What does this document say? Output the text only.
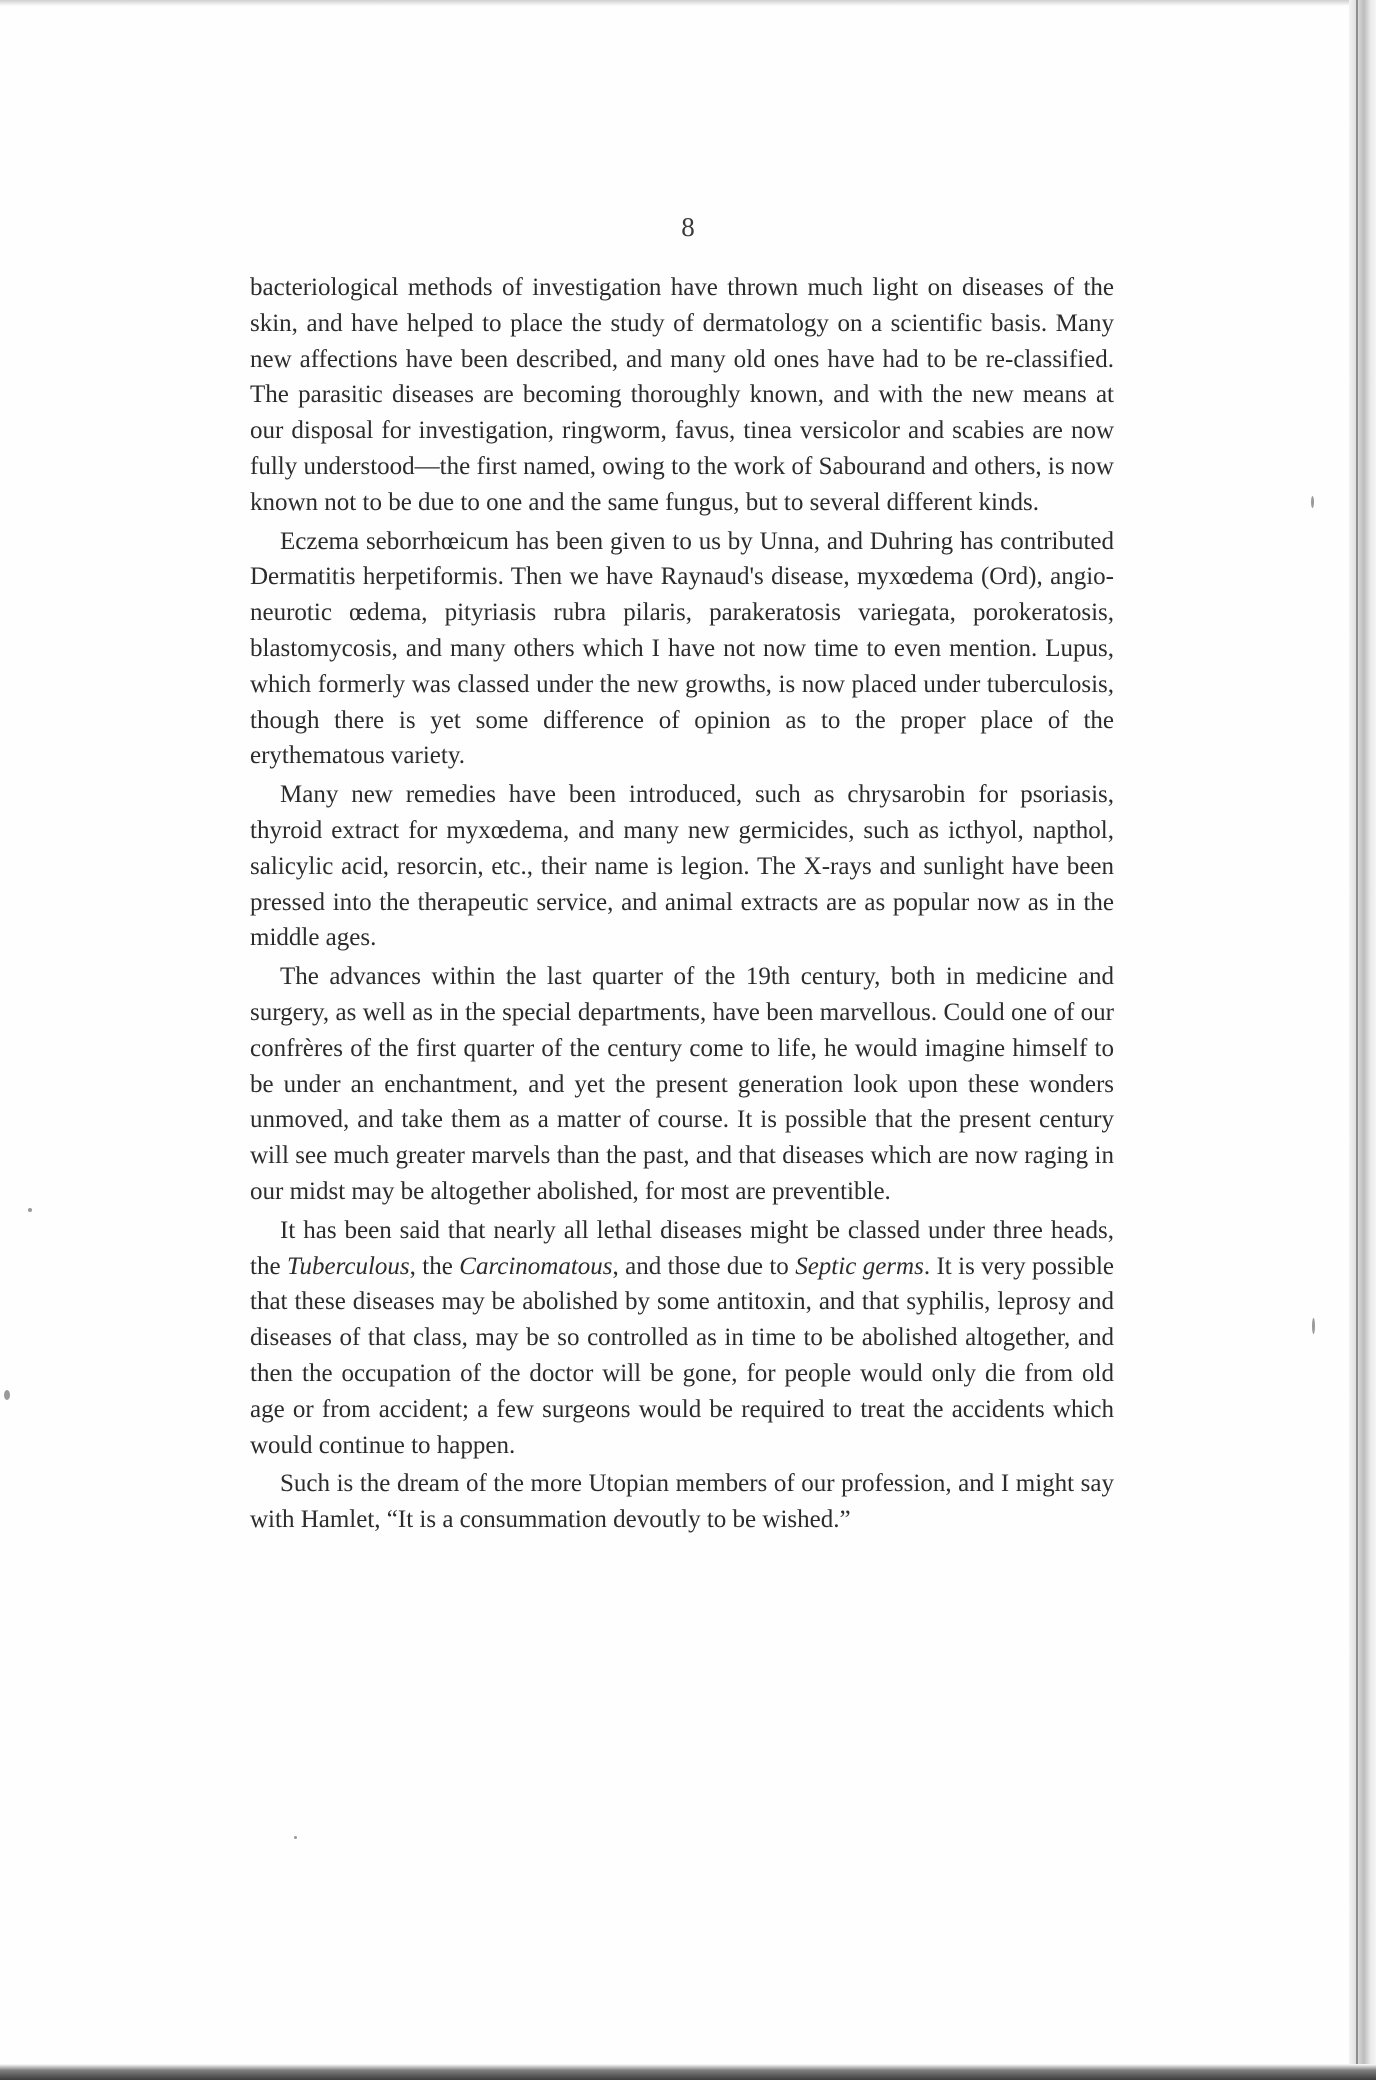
8

bacteriological methods of investigation have thrown much light on diseases of the skin, and have helped to place the study of dermatology on a scientific basis. Many new affections have been described, and many old ones have had to be re-classified. The parasitic diseases are becoming thoroughly known, and with the new means at our disposal for investigation, ringworm, favus, tinea versicolor and scabies are now fully understood—the first named, owing to the work of Sabourand and others, is now known not to be due to one and the same fungus, but to several different kinds.

Eczema seborrhœicum has been given to us by Unna, and Duhring has contributed Dermatitis herpetiformis. Then we have Raynaud's disease, myxœdema (Ord), angio-neurotic œdema, pityriasis rubra pilaris, parakeratosis variegata, porokeratosis, blastomycosis, and many others which I have not now time to even mention. Lupus, which formerly was classed under the new growths, is now placed under tuberculosis, though there is yet some difference of opinion as to the proper place of the erythematous variety.

Many new remedies have been introduced, such as chrysarobin for psoriasis, thyroid extract for myxœdema, and many new germicides, such as icthyol, napthol, salicylic acid, resorcin, etc., their name is legion. The X-rays and sunlight have been pressed into the therapeutic service, and animal extracts are as popular now as in the middle ages.

The advances within the last quarter of the 19th century, both in medicine and surgery, as well as in the special departments, have been marvellous. Could one of our confrères of the first quarter of the century come to life, he would imagine himself to be under an enchantment, and yet the present generation look upon these wonders unmoved, and take them as a matter of course. It is possible that the present century will see much greater marvels than the past, and that diseases which are now raging in our midst may be altogether abolished, for most are preventible.

It has been said that nearly all lethal diseases might be classed under three heads, the Tuberculous, the Carcinomatous, and those due to Septic germs. It is very possible that these diseases may be abolished by some antitoxin, and that syphilis, leprosy and diseases of that class, may be so controlled as in time to be abolished altogether, and then the occupation of the doctor will be gone, for people would only die from old age or from accident; a few surgeons would be required to treat the accidents which would continue to happen.

Such is the dream of the more Utopian members of our profession, and I might say with Hamlet, “It is a consummation devoutly to be wished.”
